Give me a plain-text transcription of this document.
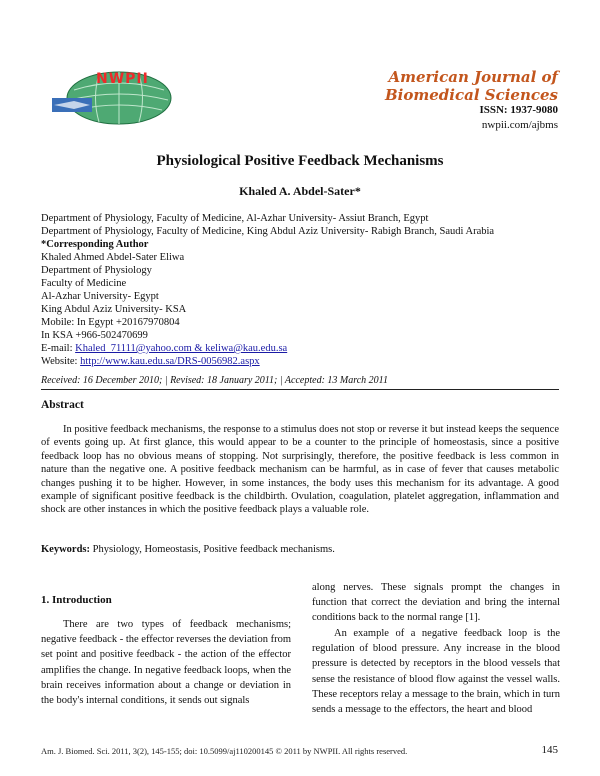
NWPII	American Journal of
Biomedical Sciences
ISSN: 1937-9080
nwpii.com/ajbms
Physiological Positive Feedback Mechanisms
Khaled A. Abdel-Sater*
Department of Physiology, Faculty of Medicine, Al-Azhar University- Assiut Branch, Egypt
Department of Physiology, Faculty of Medicine, King Abdul Aziz University- Rabigh Branch, Saudi Arabia
*Corresponding Author
Khaled Ahmed Abdel-Sater Eliwa
Department of Physiology
Faculty of Medicine
Al-Azhar University- Egypt
King Abdul Aziz University- KSA
Mobile: In Egypt +20167970804
In KSA +966-502470699
E-mail: Khaled_71111@yahoo.com & keliwa@kau.edu.sa
Website: http://www.kau.edu.sa/DRS-0056982.aspx
Received: 16 December 2010; | Revised: 18 January 2011; | Accepted: 13 March 2011
Abstract

In positive feedback mechanisms, the response to a stimulus does not stop or reverse it but instead keeps the sequence of events going up. At first glance, this would appear to be a counter to the principle of homeostasis, since a positive feedback loop has no obvious means of stopping. Not surprisingly, therefore, the positive feedback is less common in nature than the negative one. A positive feedback mechanism can be harmful, as in case of fever that causes metabolic changes pushing it to be higher. However, in some instances, the body uses this mechanism for its advantage. A good example of significant positive feedback is the childbirth. Ovulation, coagulation, platelet aggregation, inflammation and shock are other instances in which the positive feedback plays a valuable role.

Keywords: Physiology, Homeostasis, Positive feedback mechanisms.
1. Introduction

There are two types of feedback mechanisms; negative feedback - the effector reverses the deviation from set point and positive feedback - the action of the effector amplifies the change. In negative feedback loops, when the brain receives information about a change or deviation in the body's internal conditions, it sends out signals

along nerves. These signals prompt the changes in function that correct the deviation and bring the internal conditions back to the normal range [1].

An example of a negative feedback loop is the regulation of blood pressure. Any increase in the blood pressure is detected by receptors in the blood vessels that sense the resistance of blood flow against the vessel walls. These receptors relay a message to the brain, which in turn sends a message to the effectors, the heart and blood

Am. J. Biomed. Sci. 2011, 3(2), 145-155; doi: 10.5099/aj110200145 © 2011 by NWPII. All rights reserved.	145
